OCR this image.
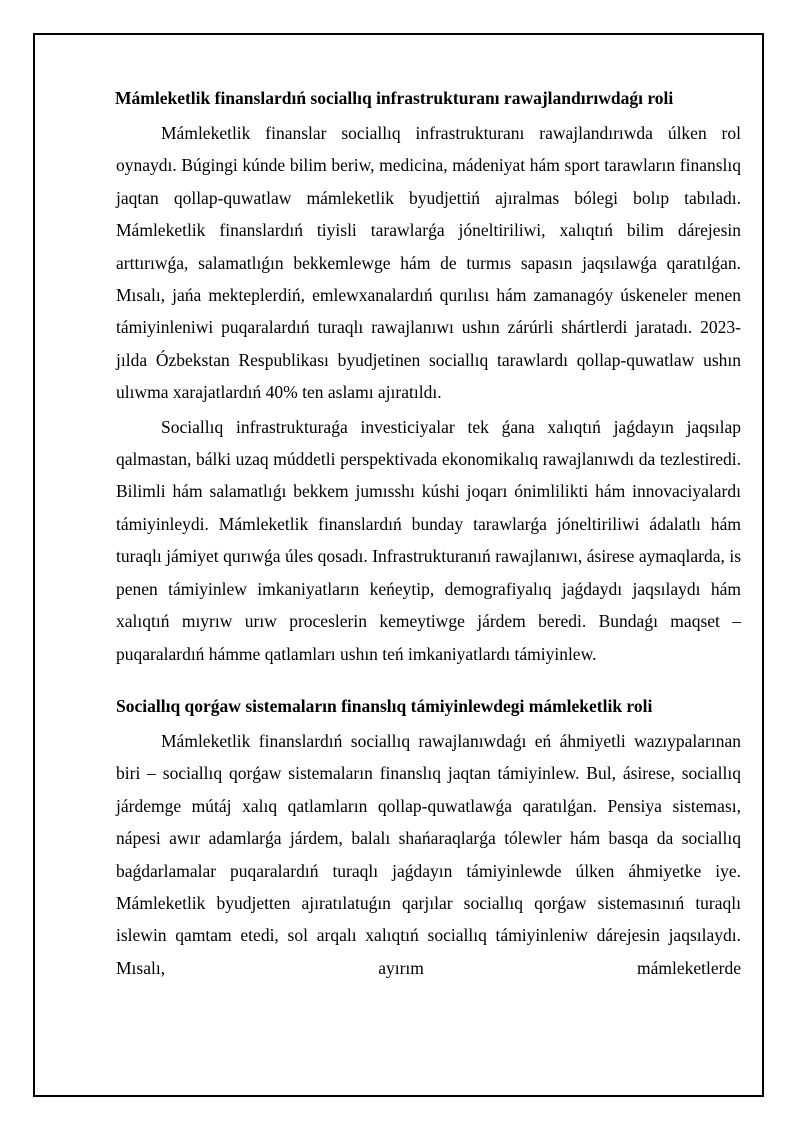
Mámleketlik finanslardıń sociallıq infrastrukturanı rawajlandırıwdaǵı roli

Mámleketlik finanslar sociallıq infrastrukturanı rawajlandırıwda úlken rol oynaydı. Búgingi kúnde bilim beriw, medicina, mádeniyat hám sport tarawların finanslıq jaqtan qollap-quwatlaw mámleketlik byudjettiń ajıralmas bólegi bolıp tabıladı. Mámleketlik finanslardıń tiyisli tarawlarǵa jóneltiriliwi, xalıqtıń bilim dárejesin arttırıwǵa, salamatlıǵın bekkemlewge hám de turmıs sapasın jaqsılawǵa qaratılǵan. Mısalı, jańa mekteplerdiń, emlewxanalardıń qurılısı hám zamanagóy úskeneler menen támiyinleniwi puqaralardıń turaqlı rawajlanıwı ushın zárúrli shártlerdi jaratadı. 2023-jılda Ózbekstan Respublikası byudjetinen sociallıq tarawlardı qollap-quwatlaw ushın ulıwma xarajatlardıń 40% ten aslamı ajıratıldı.

Sociallıq infrastrukturaǵa investiciyalar tek ǵana xalıqtıń jaǵdayın jaqsılap qalmastan, bálki uzaq múddetli perspektivada ekonomikalıq rawajlanıwdı da tezlestiredi. Bilimli hám salamatlıǵı bekkem jumısshı kúshi joqarı ónimlilikti hám innovaciyalardı támiyinleydi. Mámleketlik finanslardıń bunday tarawlarǵa jóneltiriliwi ádalatlı hám turaqlı jámiyet qurıwǵa úles qosadı. Infrastrukturanıń rawajlanıwı, ásirese aymaqlarda, is penen támiyinlew imkaniyatların keńeytip, demografiyalıq jaǵdaydı jaqsılaydı hám xalıqtıń mıyrıw urıw proceslerin kemeytiwge járdem beredi. Bundaǵı maqset – puqaralardıń hámme qatlamları ushın teń imkaniyatlardı támiyinlew.

Sociallıq qorǵaw sistemaların finanslıq támiyinlewdegi mámleketlik roli

Mámleketlik finanslardıń sociallıq rawajlanıwdaǵı eń áhmiyetli wazıypalarınan biri – sociallıq qorǵaw sistemaların finanslıq jaqtan támiyinlew. Bul, ásirese, sociallıq járdemge mútáj xalıq qatlamların qollap-quwatlawǵa qaratılǵan. Pensiya sisteması, nápesi awır adamlarǵa járdem, balalı shańaraqlarǵa tólewler hám basqa da sociallıq baǵdarlamalar puqaralardıń turaqlı jaǵdayın támiyinlewde úlken áhmiyetke iye. Mámleketlik byudjetten ajıratılatuǵın qarjılar sociallıq qorǵaw sistemasınıń turaqlı islewin qamtam etedi, sol arqalı xalıqtıń sociallıq támiyinleniw dárejesin jaqsılaydı. Mısalı, ayırım mámleketlerde
